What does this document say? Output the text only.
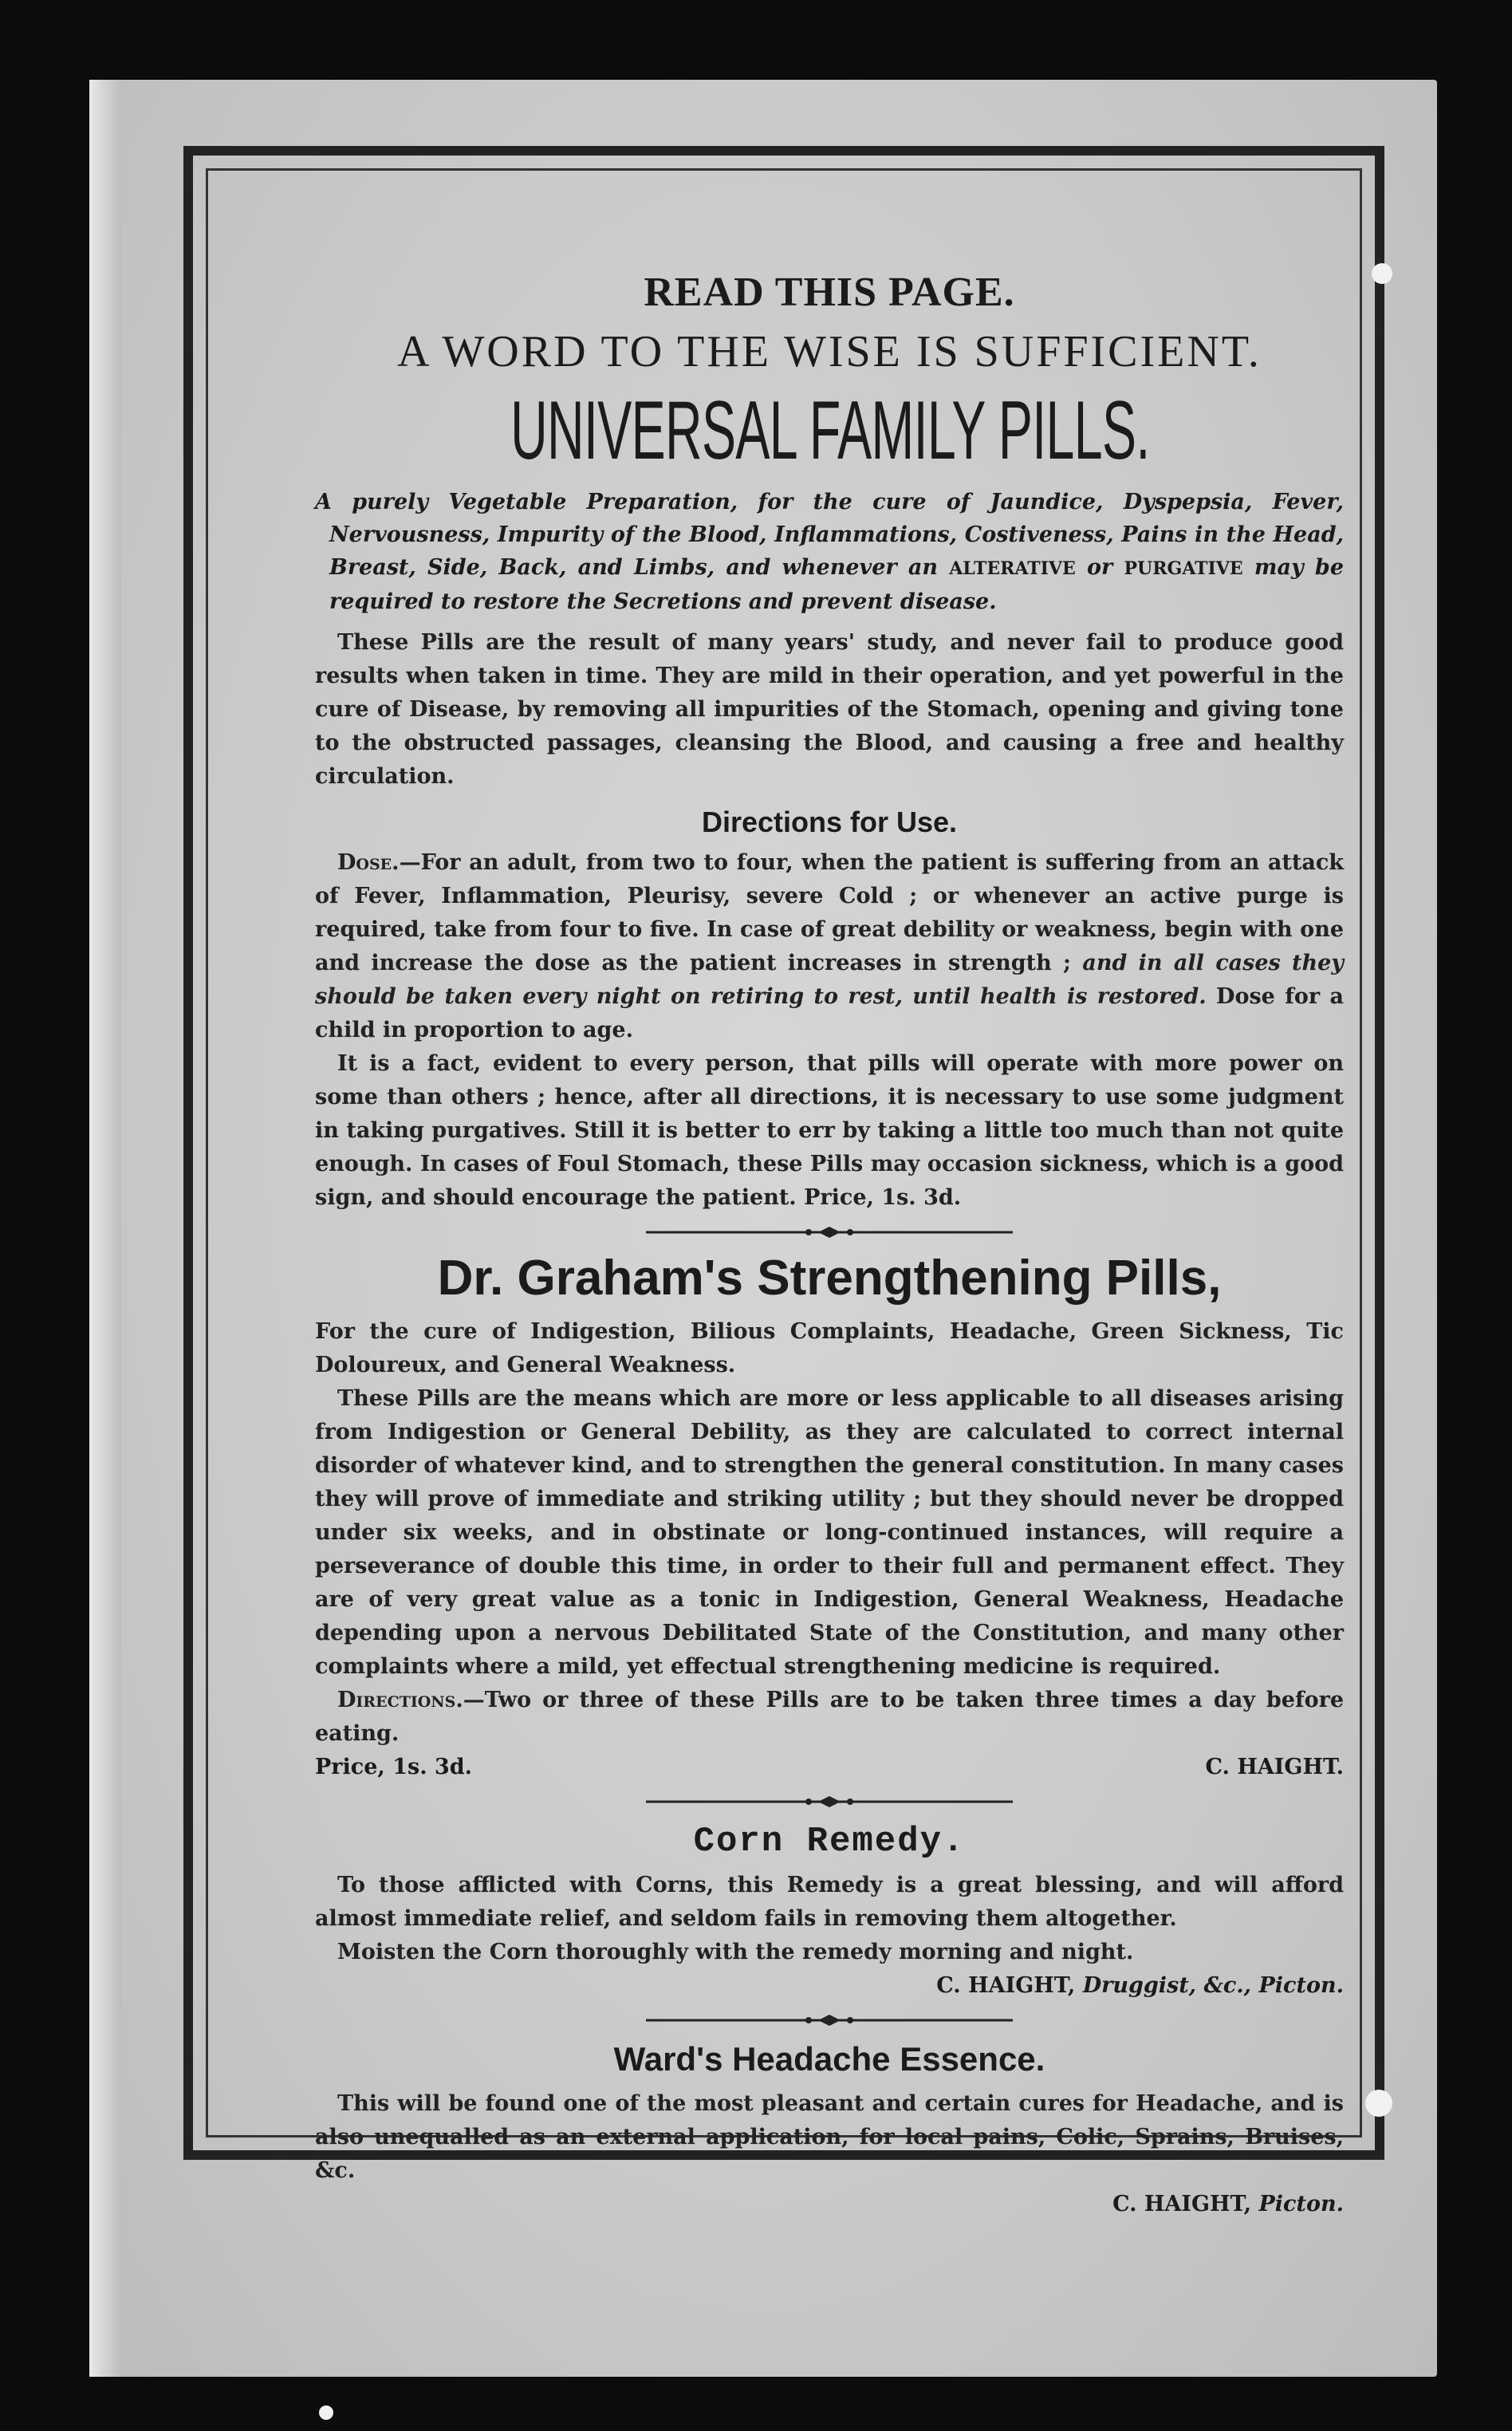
READ THIS PAGE.
A WORD TO THE WISE IS SUFFICIENT.
UNIVERSAL FAMILY PILLS.
A purely Vegetable Preparation, for the cure of Jaundice, Dyspepsia, Fever, Nervousness, Impurity of the Blood, Inflammations, Costiveness, Pains in the Head, Breast, Side, Back, and Limbs, and whenever an ALTERATIVE or PURGATIVE may be required to restore the Secretions and prevent disease.

These Pills are the result of many years' study, and never fail to produce good results when taken in time. They are mild in their operation, and yet powerful in the cure of Disease, by removing all impurities of the Stomach, opening and giving tone to the obstructed passages, cleansing the Blood, and causing a free and healthy circulation.

Directions for Use.

Dose.—For an adult, from two to four, when the patient is suffering from an attack of Fever, Inflammation, Pleurisy, severe Cold ; or whenever an active purge is required, take from four to five. In case of great debility or weakness, begin with one and increase the dose as the patient increases in strength ; and in all cases they should be taken every night on retiring to rest, until health is restored. Dose for a child in proportion to age.

It is a fact, evident to every person, that pills will operate with more power on some than others ; hence, after all directions, it is necessary to use some judgment in taking purgatives. Still it is better to err by taking a little too much than not quite enough. In cases of Foul Stomach, these Pills may occasion sickness, which is a good sign, and should encourage the patient. Price, 1s. 3d.

Dr. Graham's Strengthening Pills,

For the cure of Indigestion, Bilious Complaints, Headache, Green Sickness, Tic Doloureux, and General Weakness.

These Pills are the means which are more or less applicable to all diseases arising from Indigestion or General Debility, as they are calculated to correct internal disorder of whatever kind, and to strengthen the general constitution. In many cases they will prove of immediate and striking utility ; but they should never be dropped under six weeks, and in obstinate or long-continued instances, will require a perseverance of double this time, in order to their full and permanent effect. They are of very great value as a tonic in Indigestion, General Weakness, Headache depending upon a nervous Debilitated State of the Constitution, and many other complaints where a mild, yet effectual strengthening medicine is required.

Directions.—Two or three of these Pills are to be taken three times a day before eating.

Price, 1s. 3d.	C. HAIGHT.
Corn Remedy.

To those afflicted with Corns, this Remedy is a great blessing, and will afford almost immediate relief, and seldom fails in removing them altogether.

Moisten the Corn thoroughly with the remedy morning and night.

C. HAIGHT, Druggist, &c., Picton.
Ward's Headache Essence.

This will be found one of the most pleasant and certain cures for Headache, and is also unequalled as an external application, for local pains, Colic, Sprains, Bruises, &c.

C. HAIGHT, Picton.
